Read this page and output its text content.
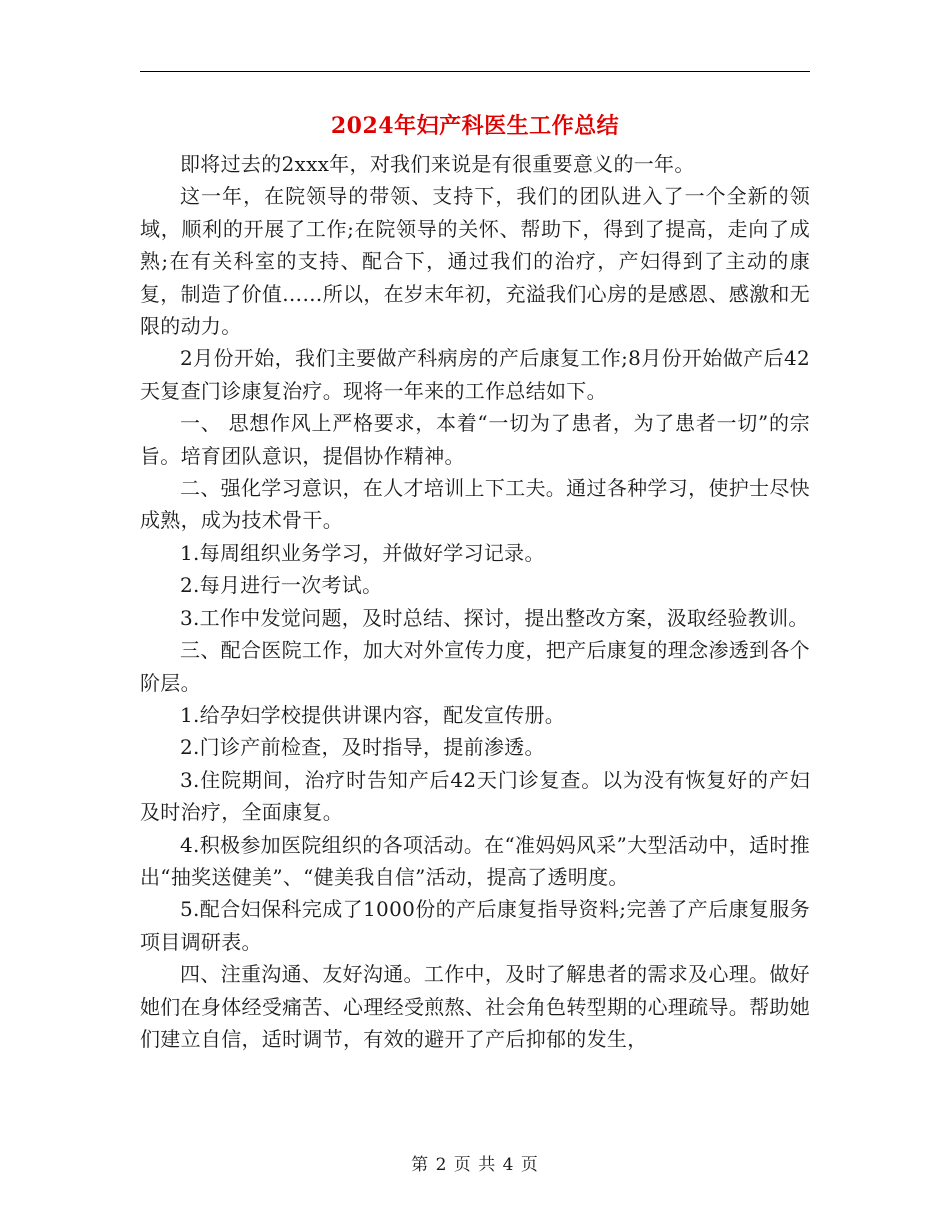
2024年妇产科医生工作总结

即将过去的2xxx年，对我们来说是有很重要意义的一年。

这一年，在院领导的带领、支持下，我们的团队进入了一个全新的领域，顺利的开展了工作;在院领导的关怀、帮助下，得到了提高，走向了成熟;在有关科室的支持、配合下，通过我们的治疗，产妇得到了主动的康复，制造了价值……所以，在岁末年初，充溢我们心房的是感恩、感激和无限的动力。

2月份开始，我们主要做产科病房的产后康复工作;8月份开始做产后42天复查门诊康复治疗。现将一年来的工作总结如下。

一、 思想作风上严格要求，本着“一切为了患者，为了患者一切”的宗旨。培育团队意识，提倡协作精神。

二、强化学习意识，在人才培训上下工夫。通过各种学习，使护士尽快成熟，成为技术骨干。

1.每周组织业务学习，并做好学习记录。

2.每月进行一次考试。

3.工作中发觉问题，及时总结、探讨，提出整改方案，汲取经验教训。

三、配合医院工作，加大对外宣传力度，把产后康复的理念渗透到各个阶层。

1.给孕妇学校提供讲课内容，配发宣传册。

2.门诊产前检查，及时指导，提前渗透。

3.住院期间，治疗时告知产后42天门诊复查。以为没有恢复好的产妇及时治疗，全面康复。

4.积极参加医院组织的各项活动。在“准妈妈风采”大型活动中，适时推出“抽奖送健美”、“健美我自信”活动，提高了透明度。

5.配合妇保科完成了1000份的产后康复指导资料;完善了产后康复服务项目调研表。

四、注重沟通、友好沟通。工作中，及时了解患者的需求及心理。做好她们在身体经受痛苦、心理经受煎熬、社会角色转型期的心理疏导。帮助她们建立自信，适时调节，有效的避开了产后抑郁的发生，

第 2 页 共 4 页
